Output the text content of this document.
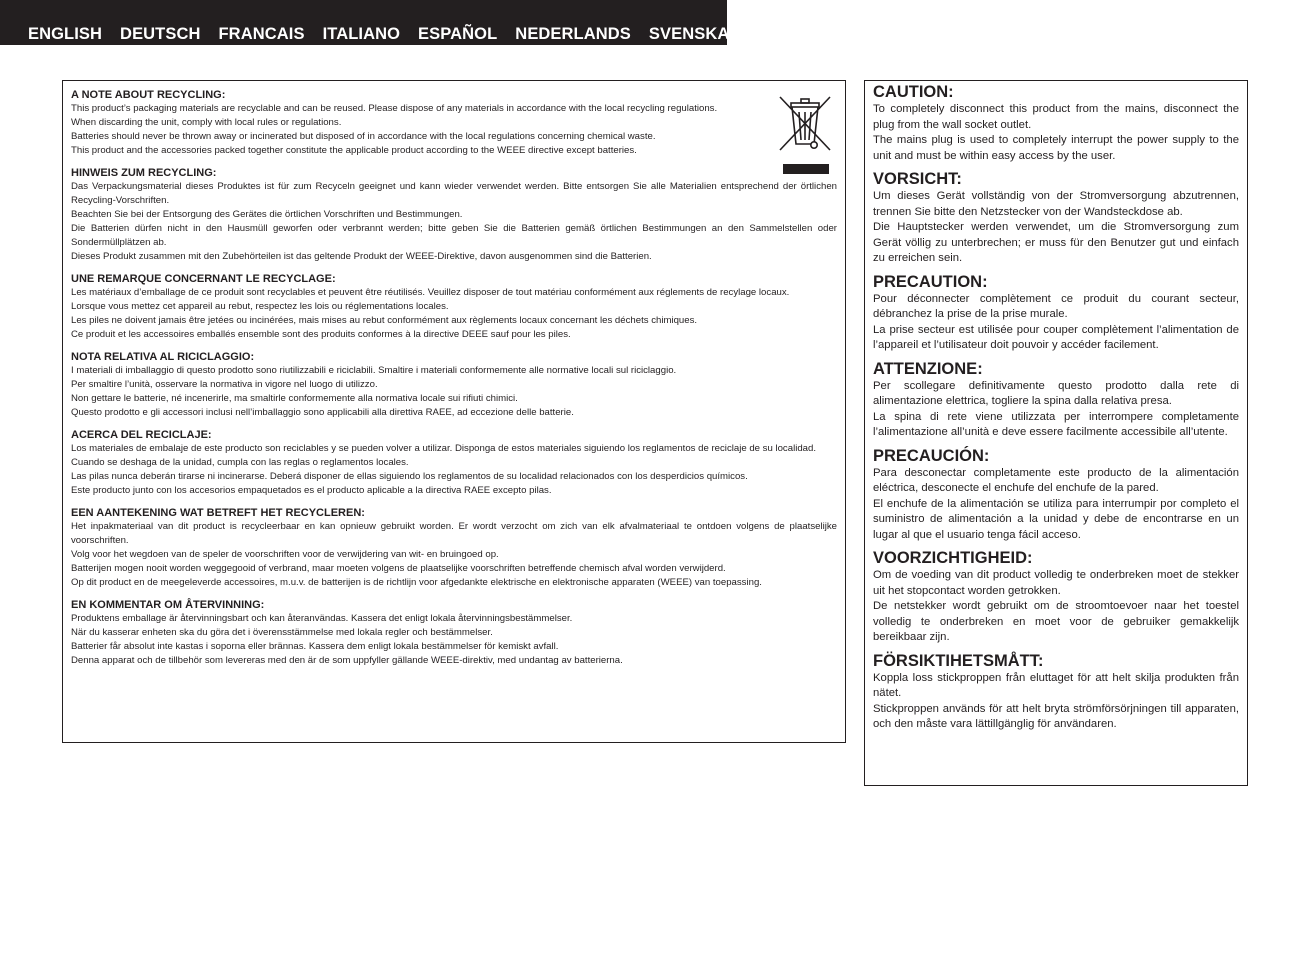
ENGLISH DEUTSCH FRANCAIS ITALIANO ESPAÑOL NEDERLANDS SVENSKA
A NOTE ABOUT RECYCLING:

This product’s packaging materials are recyclable and can be reused. Please dispose of any materials in accordance with the local recycling regulations.

When discarding the unit, comply with local rules or regulations.

Batteries should never be thrown away or incinerated but disposed of in accordance with the local regulations concerning chemical waste.

This product and the accessories packed together constitute the applicable product according to the WEEE directive except batteries.

HINWEIS ZUM RECYCLING:

Das Verpackungsmaterial dieses Produktes ist für zum Recyceln geeignet und kann wieder verwendet werden. Bitte entsorgen Sie alle Materialien entsprechend der örtlichen Recycling-Vorschriften.

Beachten Sie bei der Entsorgung des Gerätes die örtlichen Vorschriften und Bestimmungen.

Die Batterien dürfen nicht in den Hausmüll geworfen oder verbrannt werden; bitte geben Sie die Batterien gemäß örtlichen Bestimmungen an den Sammelstellen oder Sondermüllplätzen ab.

Dieses Produkt zusammen mit den Zubehörteilen ist das geltende Produkt der WEEE-Direktive, davon ausgenommen sind die Batterien.

UNE REMARQUE CONCERNANT LE RECYCLAGE:

Les matériaux d’emballage de ce produit sont recyclables et peuvent être réutilisés. Veuillez disposer de tout matériau conformément aux réglements de recylage locaux.

Lorsque vous mettez cet appareil au rebut, respectez les lois ou réglementations locales.

Les piles ne doivent jamais être jetées ou incinérées, mais mises au rebut conformément aux règlements locaux concernant les déchets chimiques.

Ce produit et les accessoires emballés ensemble sont des produits conformes à la directive DEEE sauf pour les piles.

NOTA RELATIVA AL RICICLAGGIO:

I materiali di imballaggio di questo prodotto sono riutilizzabili e riciclabili. Smaltire i materiali conformemente alle normative locali sul riciclaggio.

Per smaltire l’unità, osservare la normativa in vigore nel luogo di utilizzo.

Non gettare le batterie, né incenerirle, ma smaltirle conformemente alla normativa locale sui rifiuti chimici.

Questo prodotto e gli accessori inclusi nell’imballaggio sono applicabili alla direttiva RAEE, ad eccezione delle batterie.

ACERCA DEL RECICLAJE:

Los materiales de embalaje de este producto son reciclables y se pueden volver a utilizar. Disponga de estos materiales siguiendo los reglamentos de reciclaje de su localidad.

Cuando se deshaga de la unidad, cumpla con las reglas o reglamentos locales.

Las pilas nunca deberán tirarse ni incinerarse. Deberá disponer de ellas siguiendo los reglamentos de su localidad relacionados con los desperdicios químicos.

Este producto junto con los accesorios empaquetados es el producto aplicable a la directiva RAEE excepto pilas.

EEN AANTEKENING WAT BETREFT HET RECYCLEREN:

Het inpakmateriaal van dit product is recycleerbaar en kan opnieuw gebruikt worden. Er wordt verzocht om zich van elk afvalmateriaal te ontdoen volgens de plaatselijke voorschriften.

Volg voor het wegdoen van de speler de voorschriften voor de verwijdering van wit- en bruingoed op.

Batterijen mogen nooit worden weggegooid of verbrand, maar moeten volgens de plaatselijke voorschriften betreffende chemisch afval worden verwijderd.

Op dit product en de meegeleverde accessoires, m.u.v. de batterijen is de richtlijn voor afgedankte elektrische en elektronische apparaten (WEEE) van toepassing.

EN KOMMENTAR OM ÅTERVINNING:

Produktens emballage är återvinningsbart och kan återanvändas. Kassera det enligt lokala återvinningsbestämmelser.

När du kasserar enheten ska du göra det i överensstämmelse med lokala regler och bestämmelser.

Batterier får absolut inte kastas i soporna eller brännas. Kassera dem enligt lokala bestämmelser för kemiskt avfall.

Denna apparat och de tillbehör som levereras med den är de som uppfyller gällande WEEE-direktiv, med undantag av batterierna.

CAUTION:

To completely disconnect this product from the mains, disconnect the plug from the wall socket outlet.

The mains plug is used to completely interrupt the power supply to the unit and must be within easy access by the user.

VORSICHT:

Um dieses Gerät vollständig von der Stromversorgung abzutrennen, trennen Sie bitte den Netzstecker von der Wandsteckdose ab.

Die Hauptstecker werden verwendet, um die Stromversorgung zum Gerät völlig zu unterbrechen; er muss für den Benutzer gut und einfach zu erreichen sein.

PRECAUTION:

Pour déconnecter complètement ce produit du courant secteur, débranchez la prise de la prise murale.

La prise secteur est utilisée pour couper complètement l’alimentation de l’appareil et l’utilisateur doit pouvoir y accéder facilement.

ATTENZIONE:

Per scollegare definitivamente questo prodotto dalla rete di alimentazione elettrica, togliere la spina dalla relativa presa.

La spina di rete viene utilizzata per interrompere completamente l’alimentazione all’unità e deve essere facilmente accessibile all’utente.

PRECAUCIÓN:

Para desconectar completamente este producto de la alimentación eléctrica, desconecte el enchufe del enchufe de la pared.

El enchufe de la alimentación se utiliza para interrumpir por completo el suministro de alimentación a la unidad y debe de encontrarse en un lugar al que el usuario tenga fácil acceso.

VOORZICHTIGHEID:

Om de voeding van dit product volledig te onderbreken moet de stekker uit het stopcontact worden getrokken.

De netstekker wordt gebruikt om de stroomtoevoer naar het toestel volledig te onderbreken en moet voor de gebruiker gemakkelijk bereikbaar zijn.

FÖRSIKTIHETSMÅTT:

Koppla loss stickproppen från eluttaget för att helt skilja produkten från nätet.

Stickproppen används för att helt bryta strömförsörjningen till apparaten, och den måste vara lättillgänglig för användaren.
